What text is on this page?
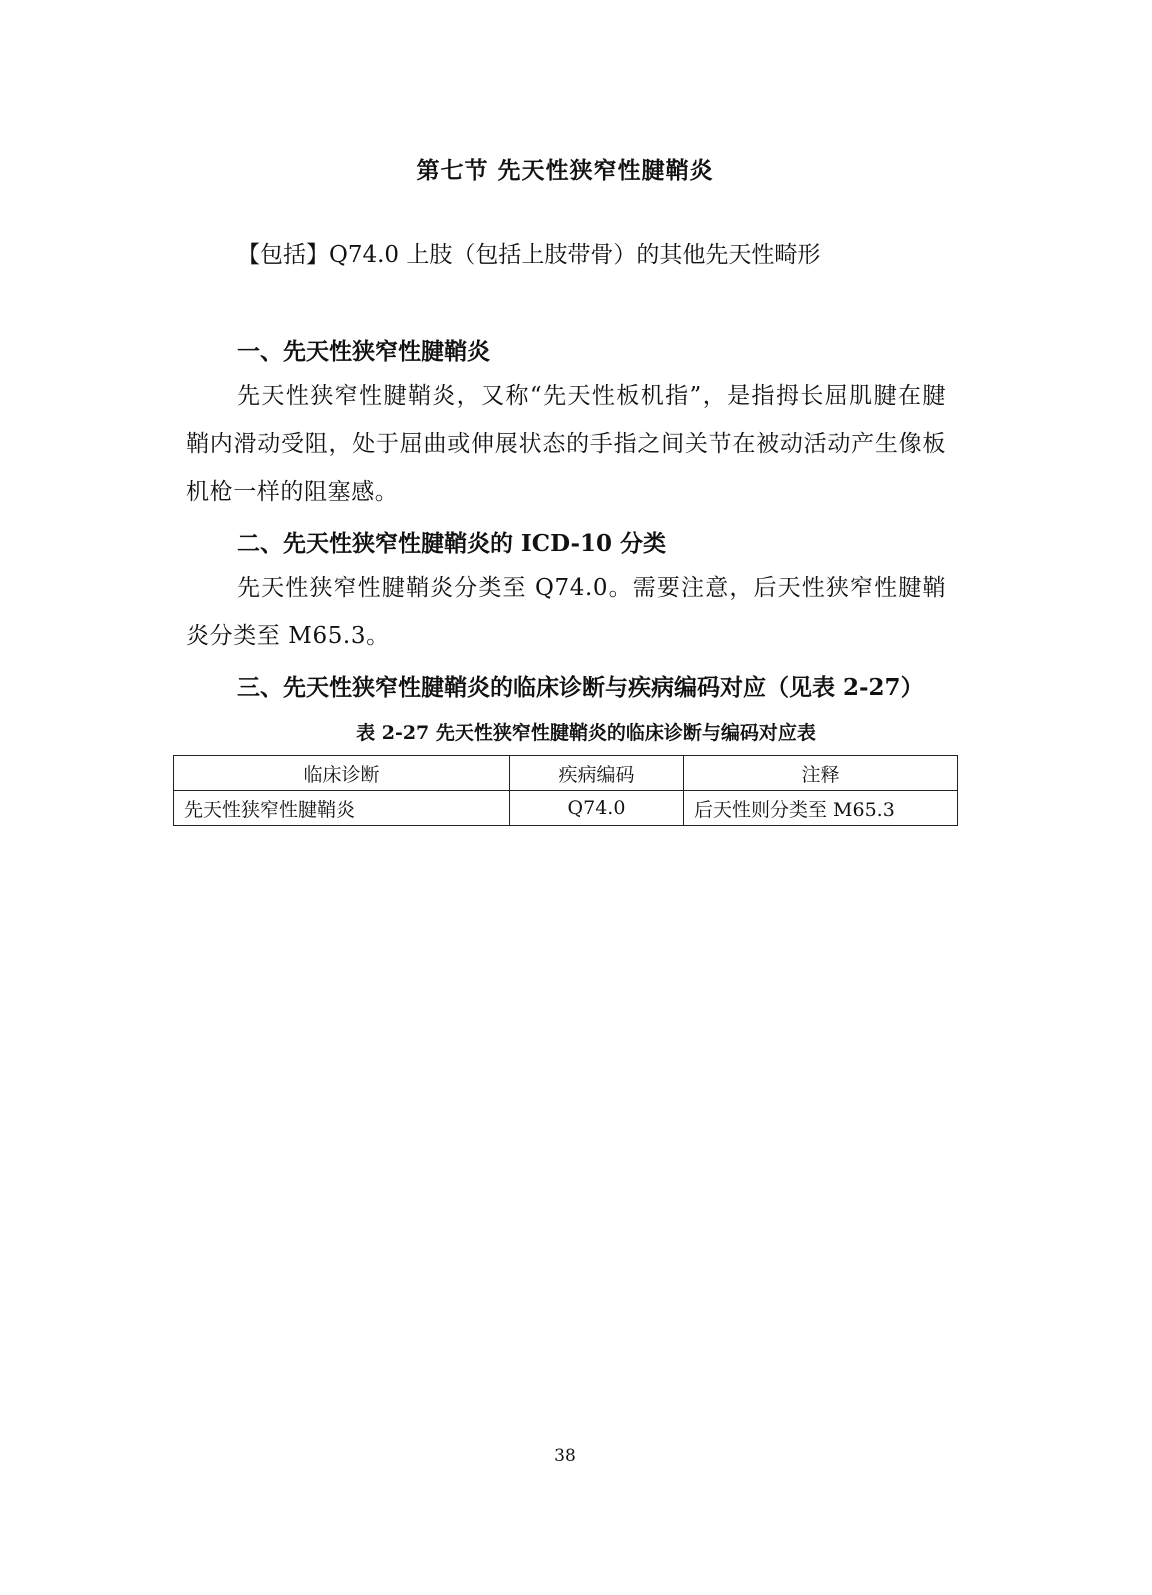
第七节 先天性狭窄性腱鞘炎
【包括】Q74.0 上肢（包括上肢带骨）的其他先天性畸形
一、先天性狭窄性腱鞘炎
先天性狭窄性腱鞘炎，又称“先天性板机指”，是指拇长屈肌腱在腱鞘内滑动受阻，处于屈曲或伸展状态的手指之间关节在被动活动产生像板机枪一样的阻塞感。
二、先天性狭窄性腱鞘炎的 ICD-10 分类
先天性狭窄性腱鞘炎分类至 Q74.0。需要注意，后天性狭窄性腱鞘炎分类至 M65.3。
三、先天性狭窄性腱鞘炎的临床诊断与疾病编码对应（见表 2-27）
表 2-27 先天性狭窄性腱鞘炎的临床诊断与编码对应表
临床诊断	疾病编码	注释
先天性狭窄性腱鞘炎	Q74.0	后天性则分类至 M65.3
38
